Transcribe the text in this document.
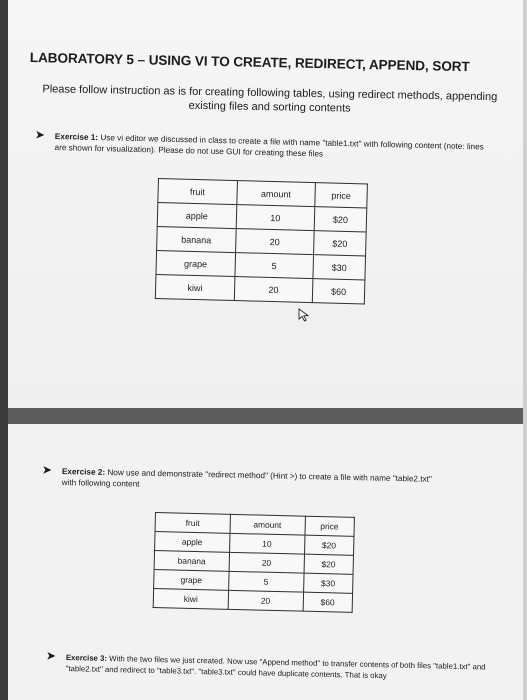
LABORATORY 5 – USING VI TO CREATE, REDIRECT, APPEND, SORT
Please follow instruction as is for creating following tables, using redirect methods, appending existing files and sorting contents
➤ Exercise 1: Use vi editor we discussed in class to create a file with name "table1.txt" with following content (note: lines are shown for visualization). Please do not use GUI for creating these files
fruit	amount	price
apple	10	$20
banana	20	$20
grape	5	$30
kiwi	20	$60
➤ Exercise 2: Now use and demonstrate "redirect method" (Hint >) to create a file with name "table2.txt" with following content
fruit	amount	price
apple	10	$20
banana	20	$20
grape	5	$30
kiwi	20	$60
➤ Exercise 3: With the two files we just created. Now use "Append method" to transfer contents of both files "table1.txt" and "table2.txt" and redirect to "table3.txt". "table3.txt" could have duplicate contents. That is okay
